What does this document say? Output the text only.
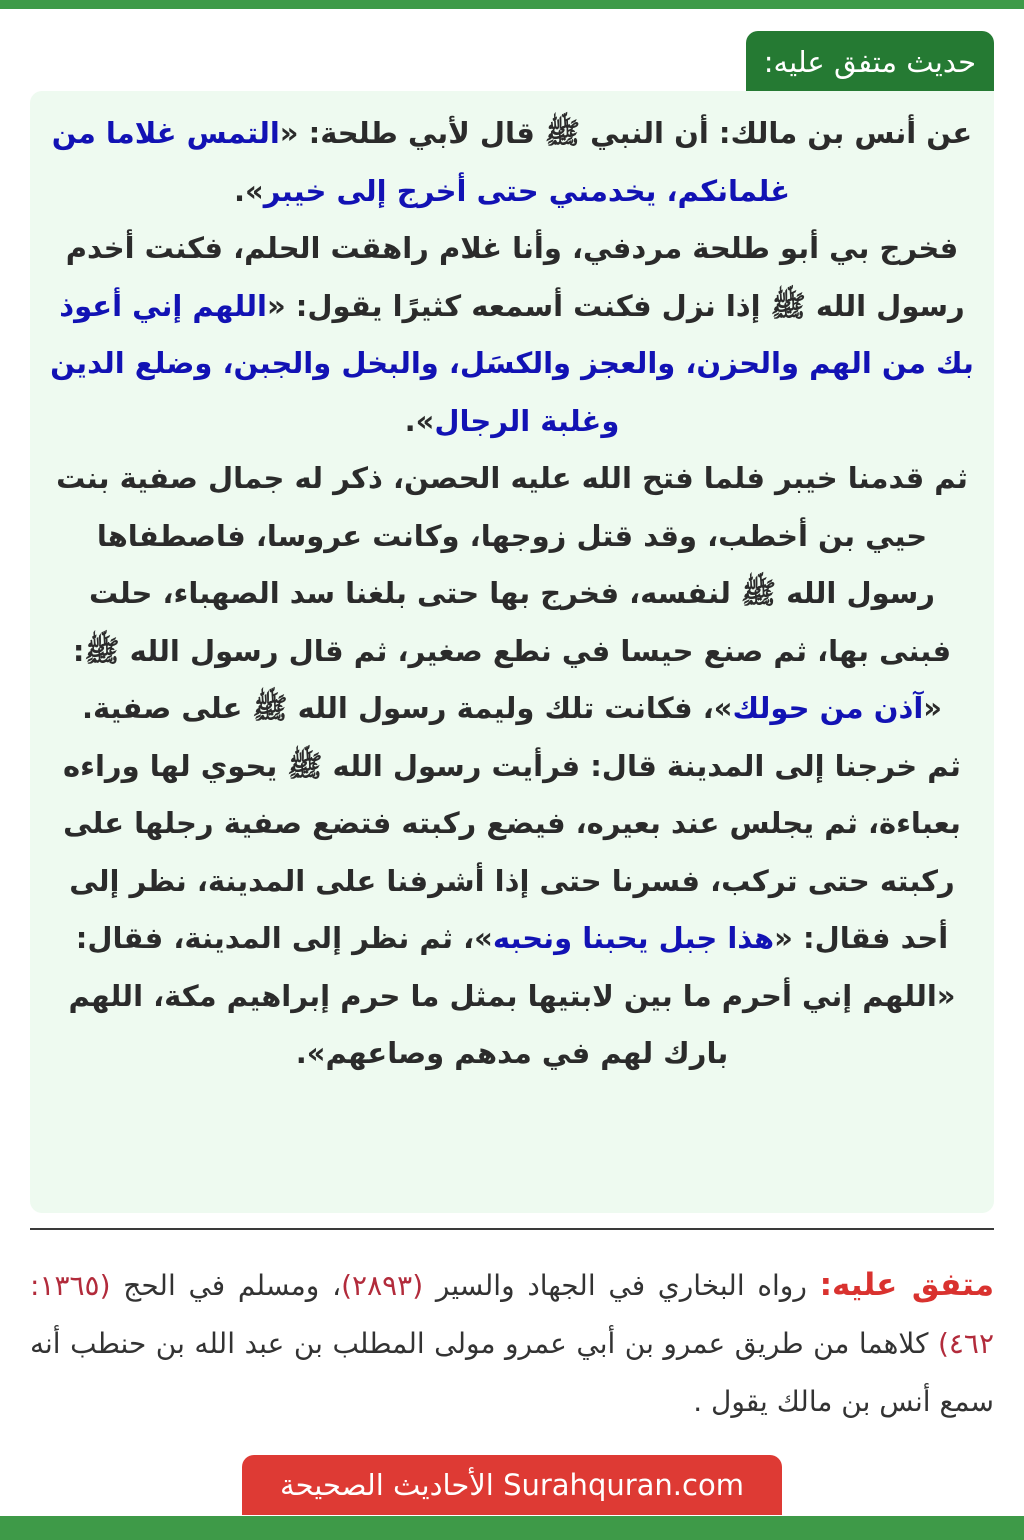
حديث متفق عليه:

عن أنس بن مالك: أن النبي ﷺ قال لأبي طلحة: «التمس غلاما من غلمانكم، يخدمني حتى أخرج إلى خيبر».

فخرج بي أبو طلحة مردفي، وأنا غلام راهقت الحلم، فكنت أخدم رسول الله ﷺ إذا نزل فكنت أسمعه كثيرًا يقول: «اللهم إني أعوذ بك من الهم والحزن، والعجز والكسَل، والبخل والجبن، وضلع الدين وغلبة الرجال».

ثم قدمنا خيبر فلما فتح الله عليه الحصن، ذكر له جمال صفية بنت حيي بن أخطب، وقد قتل زوجها، وكانت عروسا، فاصطفاها رسول الله ﷺ لنفسه، فخرج بها حتى بلغنا سد الصهباء، حلت فبنى بها، ثم صنع حيسا في نطع صغير، ثم قال رسول الله ﷺ: «آذن من حولك»، فكانت تلك وليمة رسول الله ﷺ على صفية.

ثم خرجنا إلى المدينة قال: فرأيت رسول الله ﷺ يحوي لها وراءه بعباءة، ثم يجلس عند بعيره، فيضع ركبته فتضع صفية رجلها على ركبته حتى تركب، فسرنا حتى إذا أشرفنا على المدينة، نظر إلى أحد فقال: «هذا جبل يحبنا ونحبه»، ثم نظر إلى المدينة، فقال: «اللهم إني أحرم ما بين لابتيها بمثل ما حرم إبراهيم مكة، اللهم بارك لهم في مدهم وصاعهم».

متفق عليه: رواه البخاري في الجهاد والسير (٢٨٩٣)، ومسلم في الحج (١٣٦٥: ٤٦٢) كلاهما من طريق عمرو بن أبي عمرو مولى المطلب بن عبد الله بن حنطب أنه سمع أنس بن مالك يقول .
الأحاديث الصحيحة Surahquran.com
